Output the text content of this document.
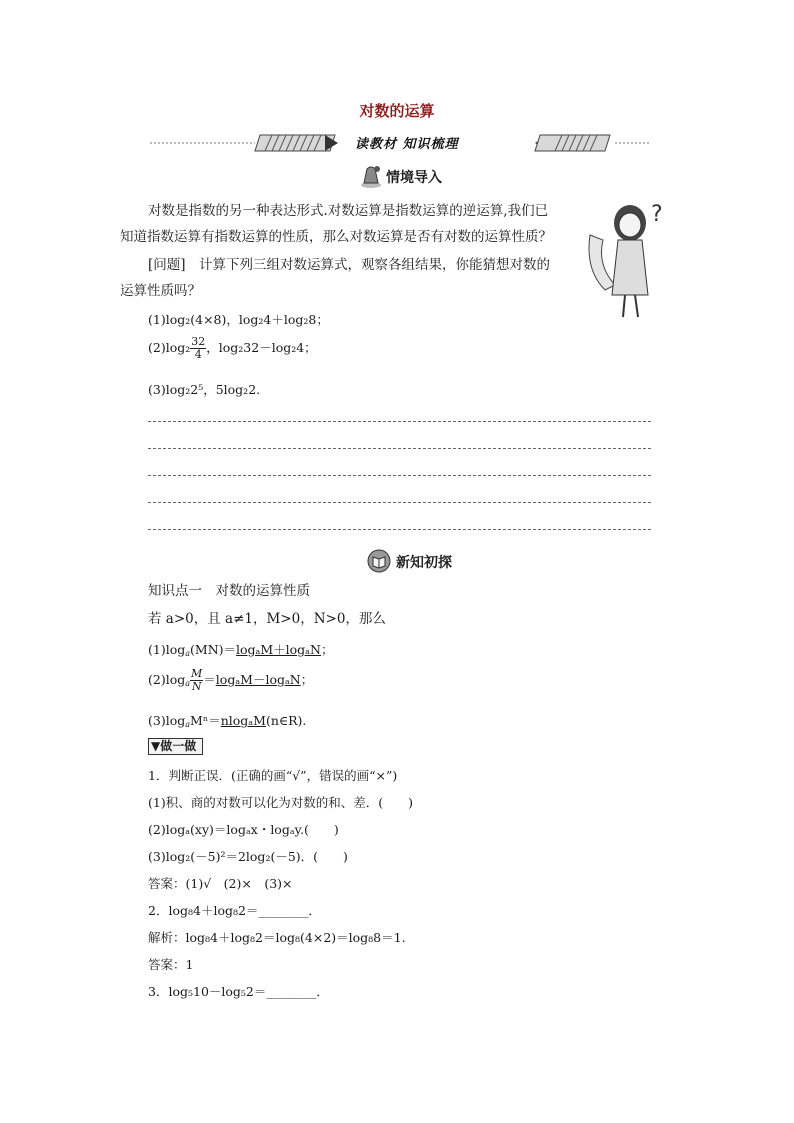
对数的运算
读教材 知识梳理
情境导入
?
对数是指数的另一种表达形式.对数运算是指数运算的逆运算,我们已
知道指数运算有指数运算的性质，那么对数运算是否有对数的运算性质？
[问题]　计算下列三组对数运算式，观察各组结果，你能猜想对数的
运算性质吗？
(1)log₂(4×8)，log₂4＋log₂8；
$(2)\log_2 \frac{32}{4}$ ，log₂32－log₂4；
(3)log₂2⁵，5log₂2.
新知初探
知识点一　对数的运算性质
若 a>0，且 a≠1，M>0，N>0，那么
$(1)\log_a(MN)=\log_aM+\log_aN$；
$(2)\log_a \frac{M}{N} =\log_aM-\log_aN$；
$(3)\log_aM^n=nlog_aM(n\in R)$.
▼做一做
1．判断正误．(正确的画“√”，错误的画“×”)
(1)积、商的对数可以化为对数的和、差．(　　)
(2)logₐ(xy)＝logₐx・logₐy.(　　)
(3)log₂(－5)²＝2log₂(－5)．(　　)
答案：(1)√　(2)×　(3)×
2．log₈4＋log₈2＝________．
解析：log₈4＋log₈2＝log₈(4×2)＝log₈8＝1.
答案：1
3．log₅10－log₅2＝________．
